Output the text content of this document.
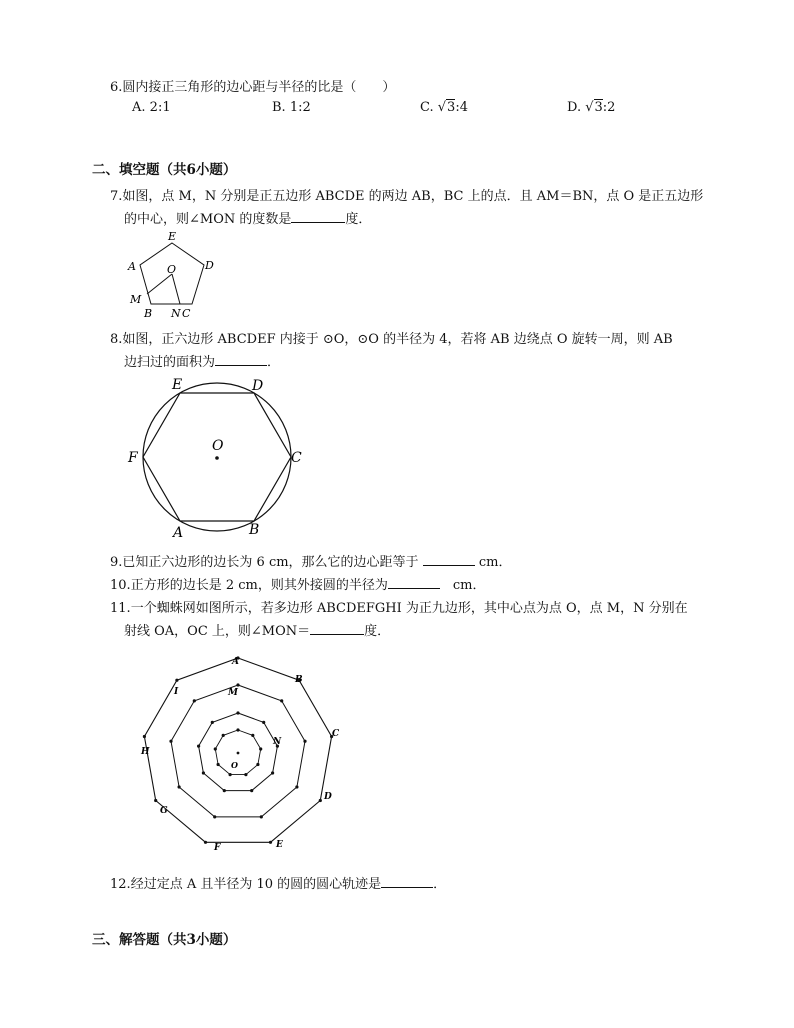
6.圆内接正三角形的边心距与半径的比是（　　）
A. 2:1	B. 1:2	C. √3:4	D. √3:2
二、填空题（共6小题）
7.如图，点 M，N 分别是正五边形 ABCDE 的两边 AB，BC 上的点．且 AM＝BN，点 O 是正五边形
的中心，则∠MON 的度数是	度．
E
D
A	O
M
B N C
8.如图，正六边形 ABCDEF 内接于 ⊙O，⊙O 的半径为 4，若将 AB 边绕点 O 旋转一周，则 AB
边扫过的面积为	．
E	D
F	C
O
A	B
9.已知正六边形的边长为 6 cm，那么它的边心距等于	cm．
10.正方形的边长是 2 cm，则其外接圆的半径为　	cm．
11.一个蜘蛛网如图所示，若多边形 ABCDEFGHI 为正九边形，其中心点为点 O，点 M，N 分别在
射线 OA，OC 上，则∠MON＝	度．
A
B
C
D
E
F
G
H
I	M
N
O
12.经过定点 A 且半径为 10 的圆的圆心轨迹是	．
三、解答题（共3小题）
